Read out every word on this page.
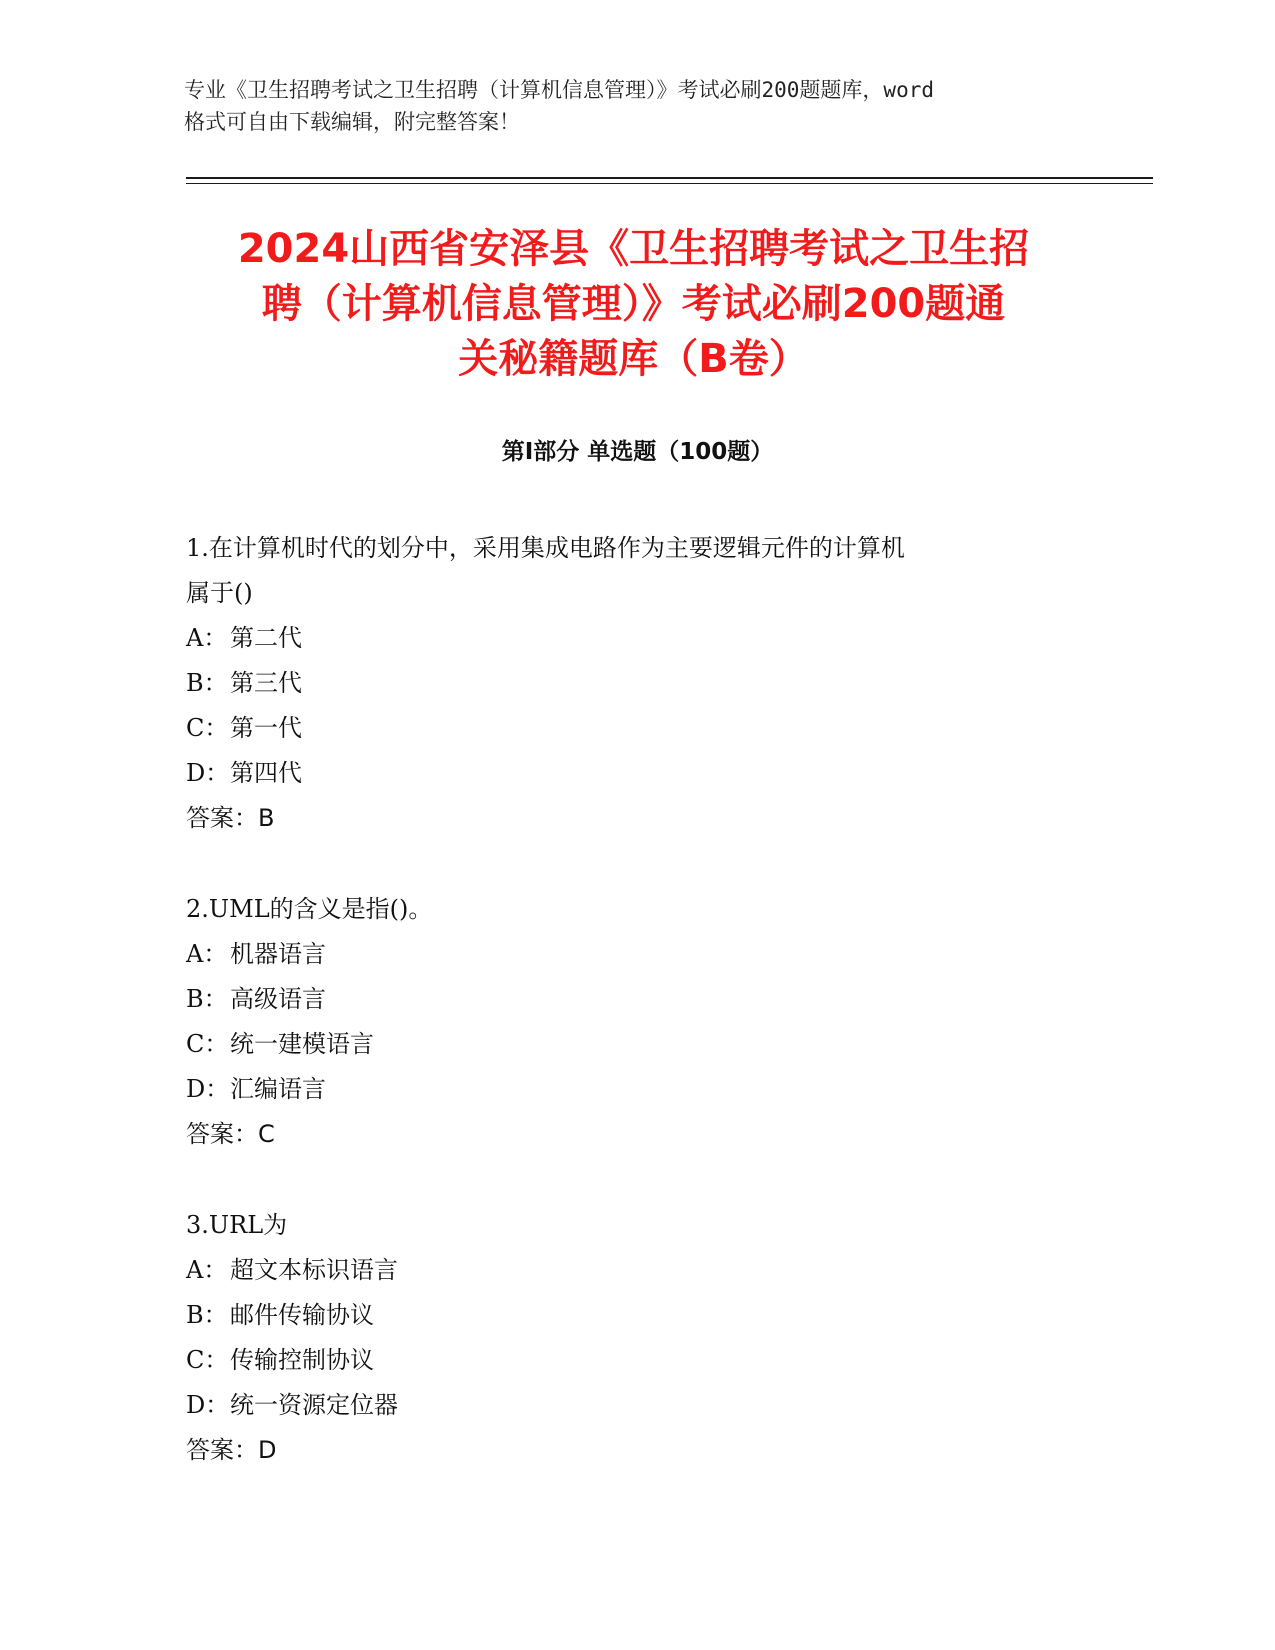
专业《卫生招聘考试之卫生招聘（计算机信息管理）》考试必刷200题题库，word
格式可自由下载编辑，附完整答案！
2024山西省安泽县《卫生招聘考试之卫生招
聘（计算机信息管理）》考试必刷200题通
关秘籍题库（B卷）
第Ⅰ部分 单选题（100题）
1.在计算机时代的划分中，采用集成电路作为主要逻辑元件的计算机
属于()
A： 第二代
B：第三代
C：第一代
D：第四代
答案：B
2.UML的含义是指()。
A： 机器语言
B：高级语言
C：统一建模语言
D：汇编语言
答案：C
3.URL为
A： 超文本标识语言
B：邮件传输协议
C：传输控制协议
D：统一资源定位器
答案：D
